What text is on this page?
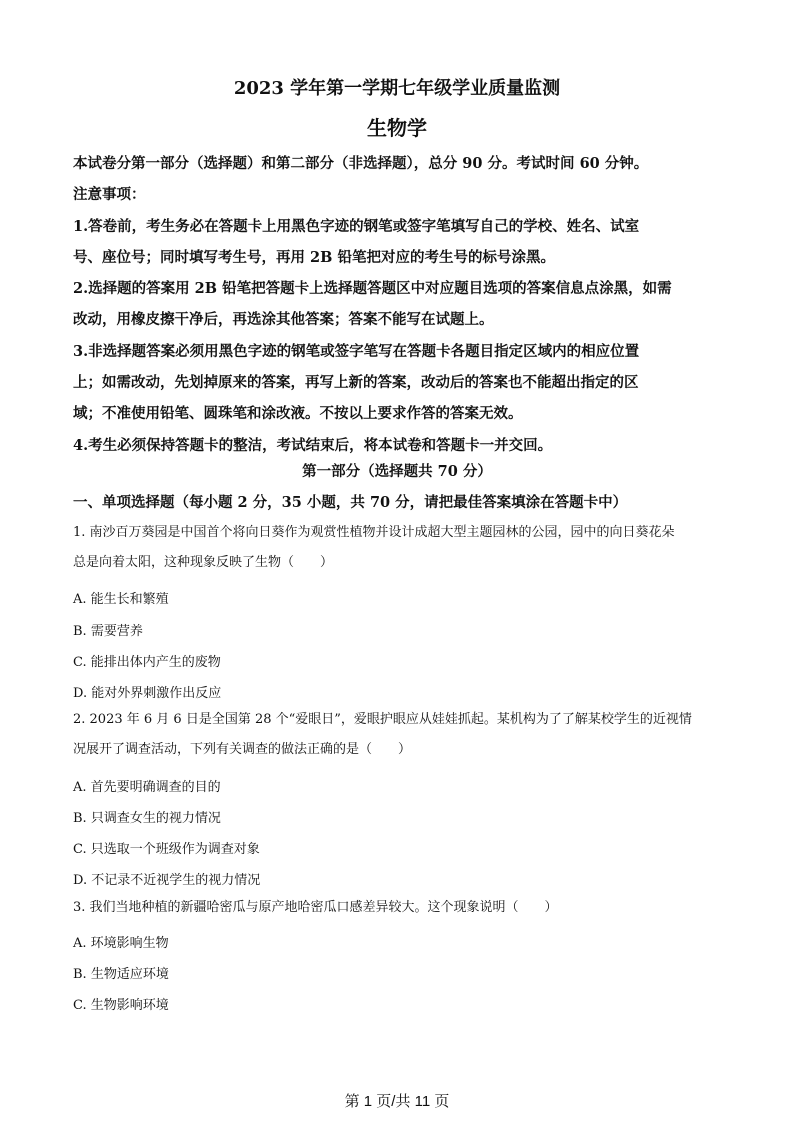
2023 学年第一学期七年级学业质量监测
生物学

本试卷分第一部分（选择题）和第二部分（非选择题），总分 90 分。考试时间 60 分钟。

注意事项：

1.答卷前，考生务必在答题卡上用黑色字迹的钢笔或签字笔填写自己的学校、姓名、试室

号、座位号；同时填写考生号，再用 2B 铅笔把对应的考生号的标号涂黑。

2.选择题的答案用 2B 铅笔把答题卡上选择题答题区中对应题目选项的答案信息点涂黑，如需

改动，用橡皮擦干净后，再选涂其他答案；答案不能写在试题上。

3.非选择题答案必须用黑色字迹的钢笔或签字笔写在答题卡各题目指定区域内的相应位置

上；如需改动，先划掉原来的答案，再写上新的答案，改动后的答案也不能超出指定的区

域；不准使用铅笔、圆珠笔和涂改液。不按以上要求作答的答案无效。

4.考生必须保持答题卡的整洁，考试结束后，将本试卷和答题卡一并交回。

第一部分（选择题共 70 分）
一、单项选择题（每小题 2 分，35 小题，共 70 分，请把最佳答案填涂在答题卡中）
1. 南沙百万葵园是中国首个将向日葵作为观赏性植物并设计成超大型主题园林的公园，园中的向日葵花朵
总是向着太阳，这种现象反映了生物（　　）
A. 能生长和繁殖
B. 需要营养
C. 能排出体内产生的废物
D. 能对外界刺激作出反应
2. 2023 年 6 月 6 日是全国第 28 个“爱眼日”，爱眼护眼应从娃娃抓起。某机构为了了解某校学生的近视情
况展开了调查活动，下列有关调查的做法正确的是（　　）
A. 首先要明确调查的目的
B. 只调查女生的视力情况
C. 只选取一个班级作为调查对象
D. 不记录不近视学生的视力情况
3. 我们当地种植的新疆哈密瓜与原产地哈密瓜口感差异较大。这个现象说明（　　）
A. 环境影响生物
B. 生物适应环境
C. 生物影响环境
第 1 页/共 11 页
